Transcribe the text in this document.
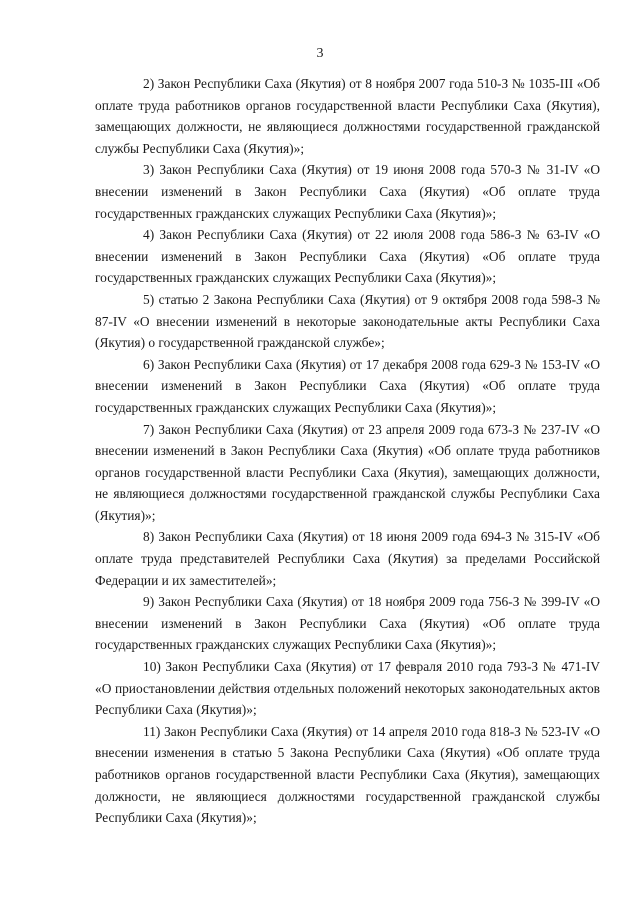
3

2) Закон Республики Саха (Якутия) от 8 ноября 2007 года 510-З № 1035-III «Об оплате труда работников органов государственной власти Республики Саха (Якутия), замещающих должности, не являющиеся должностями государственной гражданской службы Республики Саха (Якутия)»;

3) Закон Республики Саха (Якутия) от 19 июня 2008 года 570-З № 31-IV «О внесении изменений в Закон Республики Саха (Якутия) «Об оплате труда государственных гражданских служащих Республики Саха (Якутия)»;

4) Закон Республики Саха (Якутия) от 22 июля 2008 года 586-З № 63-IV «О внесении изменений в Закон Республики Саха (Якутия) «Об оплате труда государственных гражданских служащих Республики Саха (Якутия)»;

5) статью 2 Закона Республики Саха (Якутия) от 9 октября 2008 года 598-З № 87-IV «О внесении изменений в некоторые законодательные акты Республики Саха (Якутия) о государственной гражданской службе»;

6) Закон Республики Саха (Якутия) от 17 декабря 2008 года 629-З № 153-IV «О внесении изменений в Закон Республики Саха (Якутия) «Об оплате труда государственных гражданских служащих Республики Саха (Якутия)»;

7) Закон Республики Саха (Якутия) от 23 апреля 2009 года 673-З № 237-IV «О внесении изменений в Закон Республики Саха (Якутия) «Об оплате труда работников органов государственной власти Республики Саха (Якутия), замещающих должности, не являющиеся должностями государственной гражданской службы Республики Саха (Якутия)»;

8) Закон Республики Саха (Якутия) от 18 июня 2009 года 694-З № 315-IV «Об оплате труда представителей Республики Саха (Якутия) за пределами Российской Федерации и их заместителей»;

9) Закон Республики Саха (Якутия) от 18 ноября 2009 года 756-З № 399-IV «О внесении изменений в Закон Республики Саха (Якутия) «Об оплате труда государственных гражданских служащих Республики Саха (Якутия)»;

10) Закон Республики Саха (Якутия) от 17 февраля 2010 года 793-З № 471-IV «О приостановлении действия отдельных положений некоторых законодательных актов Республики Саха (Якутия)»;

11) Закон Республики Саха (Якутия) от 14 апреля 2010 года 818-З № 523-IV «О внесении изменения в статью 5 Закона Республики Саха (Якутия) «Об оплате труда работников органов государственной власти Республики Саха (Якутия), замещающих должности, не являющиеся должностями государственной гражданской службы Республики Саха (Якутия)»;
